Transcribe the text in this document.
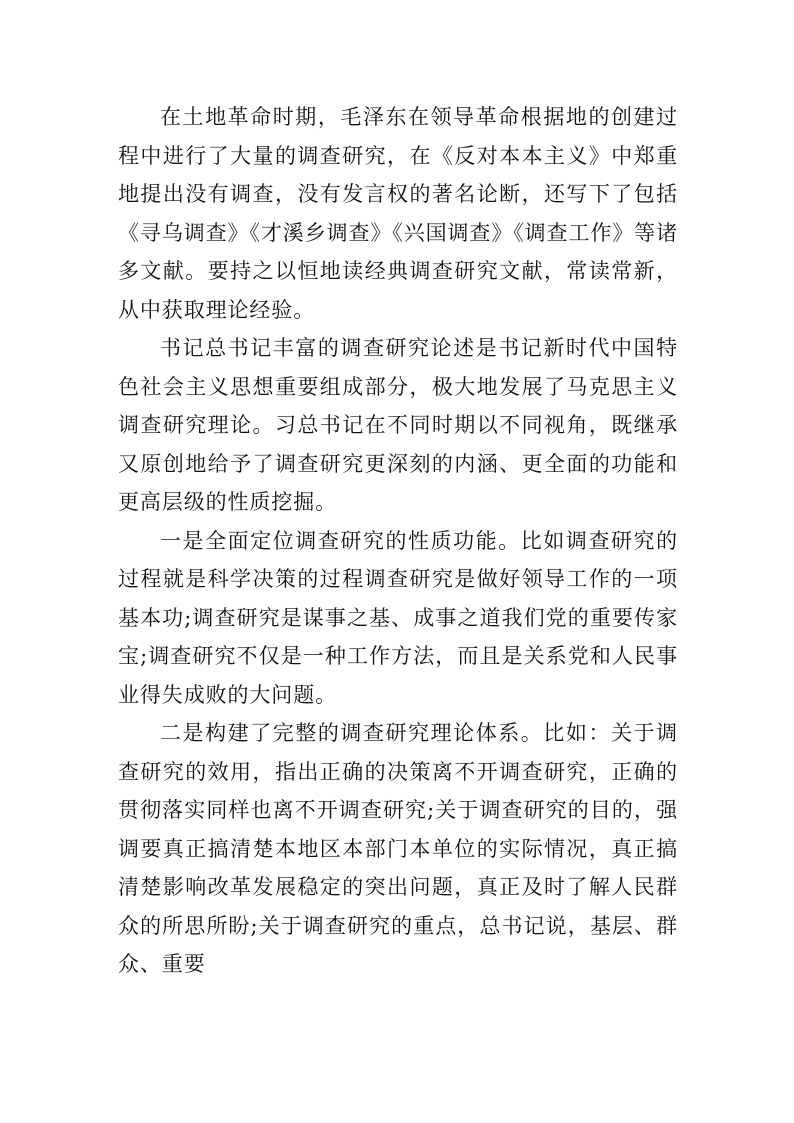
在土地革命时期，毛泽东在领导革命根据地的创建过程中进行了大量的调查研究，在《反对本本主义》中郑重地提出没有调查，没有发言权的著名论断，还写下了包括《寻乌调查》《才溪乡调查》《兴国调查》《调查工作》等诸多文献。要持之以恒地读经典调查研究文献，常读常新，从中获取理论经验。

书记总书记丰富的调查研究论述是书记新时代中国特色社会主义思想重要组成部分，极大地发展了马克思主义调查研究理论。习总书记在不同时期以不同视角，既继承又原创地给予了调查研究更深刻的内涵、更全面的功能和更高层级的性质挖掘。

一是全面定位调查研究的性质功能。比如调查研究的过程就是科学决策的过程调查研究是做好领导工作的一项基本功;调查研究是谋事之基、成事之道我们党的重要传家宝;调查研究不仅是一种工作方法，而且是关系党和人民事业得失成败的大问题。

二是构建了完整的调查研究理论体系。比如：关于调查研究的效用，指出正确的决策离不开调查研究，正确的贯彻落实同样也离不开调查研究;关于调查研究的目的，强调要真正搞清楚本地区本部门本单位的实际情况，真正搞清楚影响改革发展稳定的突出问题，真正及时了解人民群众的所思所盼;关于调查研究的重点，总书记说，基层、群众、重要
